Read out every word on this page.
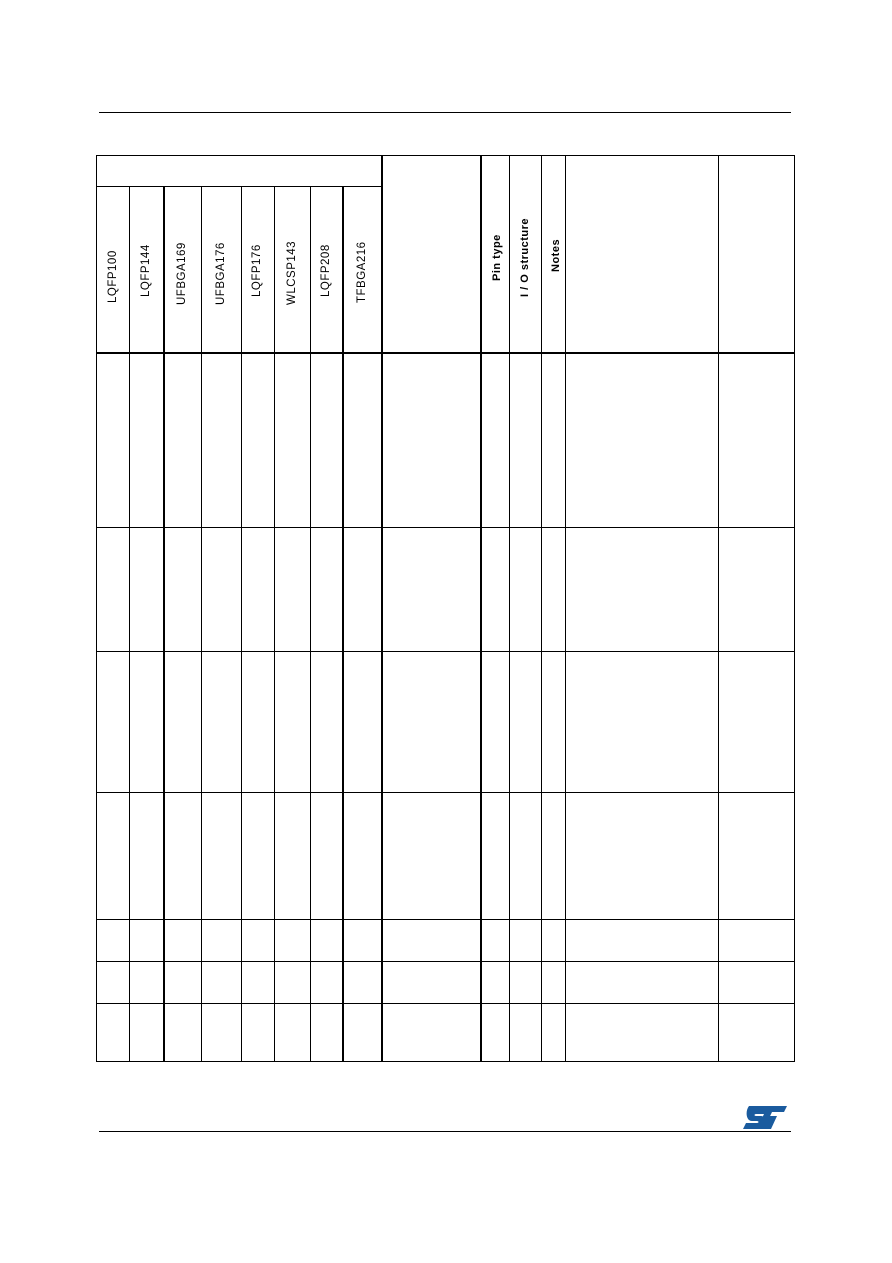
LQFP100 LQFP144 UFBGA169 UFBGA176 LQFP176 WLCSP143 LQFP208 TFBGA216	Pin type I / O structure Notes
